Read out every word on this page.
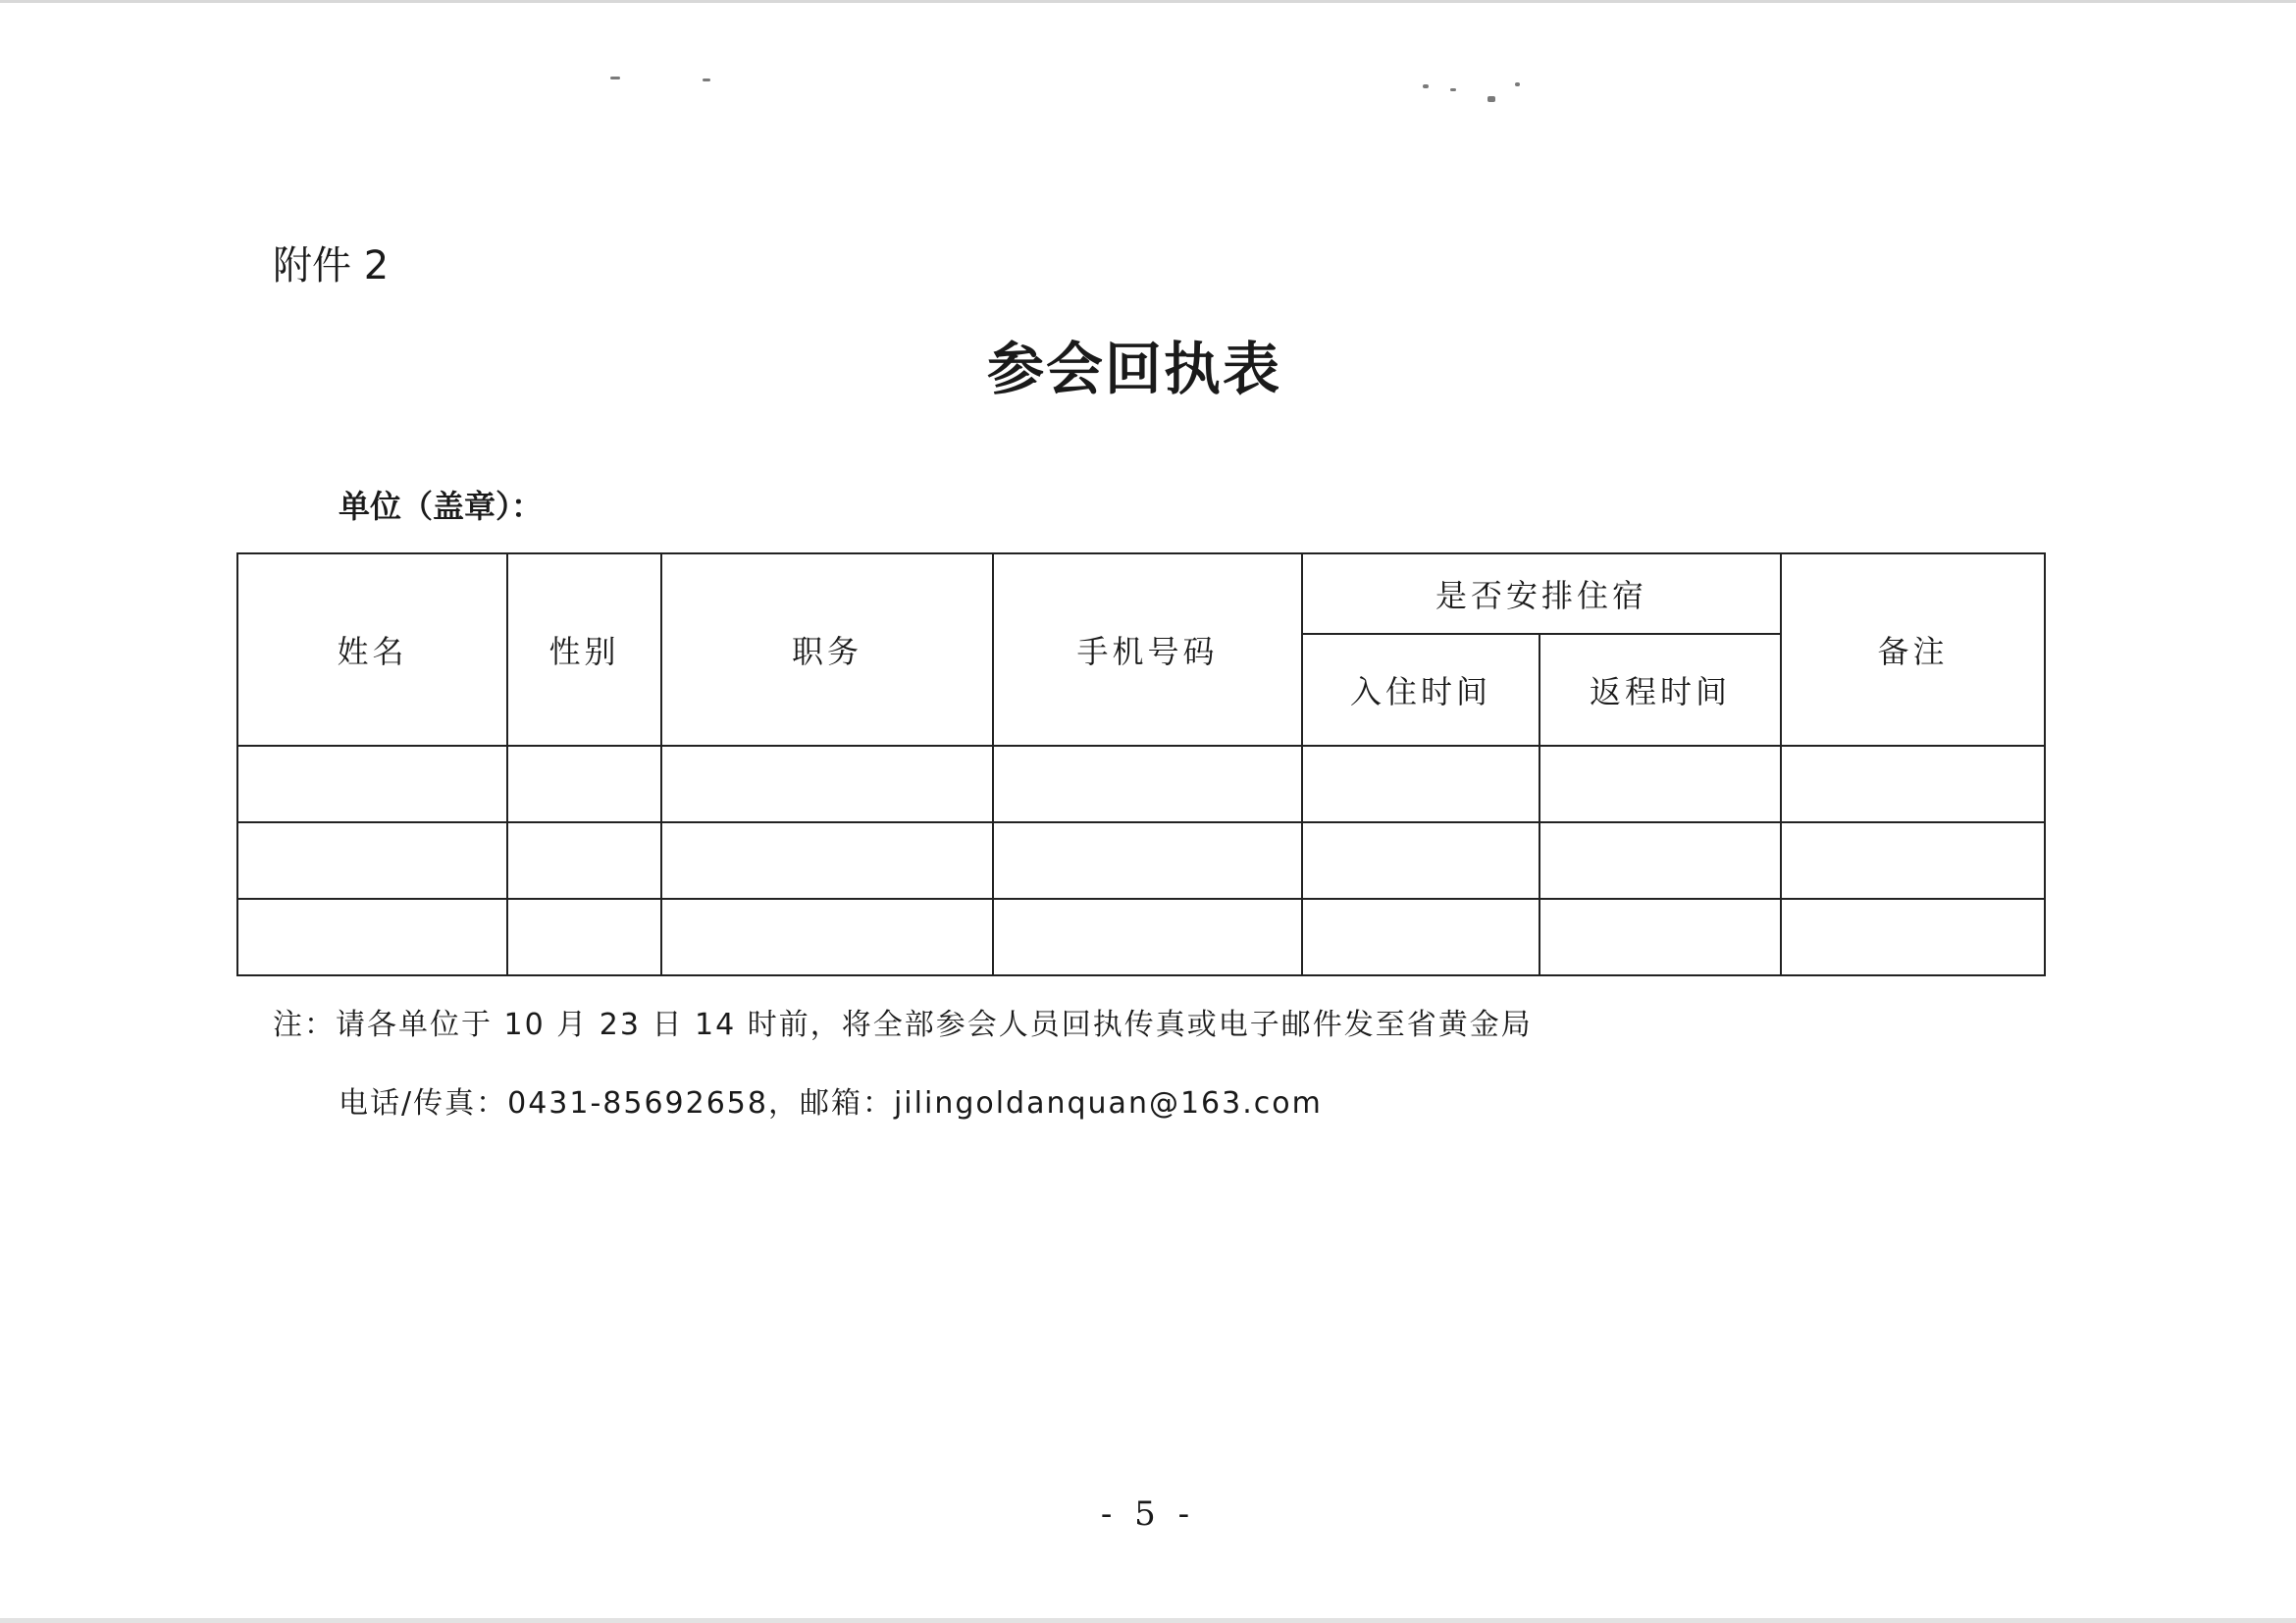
附件 2
参会回执表
单位（盖章）：
姓名	性别	职务	手机号码	是否安排住宿		备注
				入住时间	返程时间	

注：请各单位于 10 月 23 日 14 时前，将全部参会人员回执传真或电子邮件发至省黄金局
电话/传真：0431-85692658，邮箱：jilingoldanquan@163.com
- 5 -
